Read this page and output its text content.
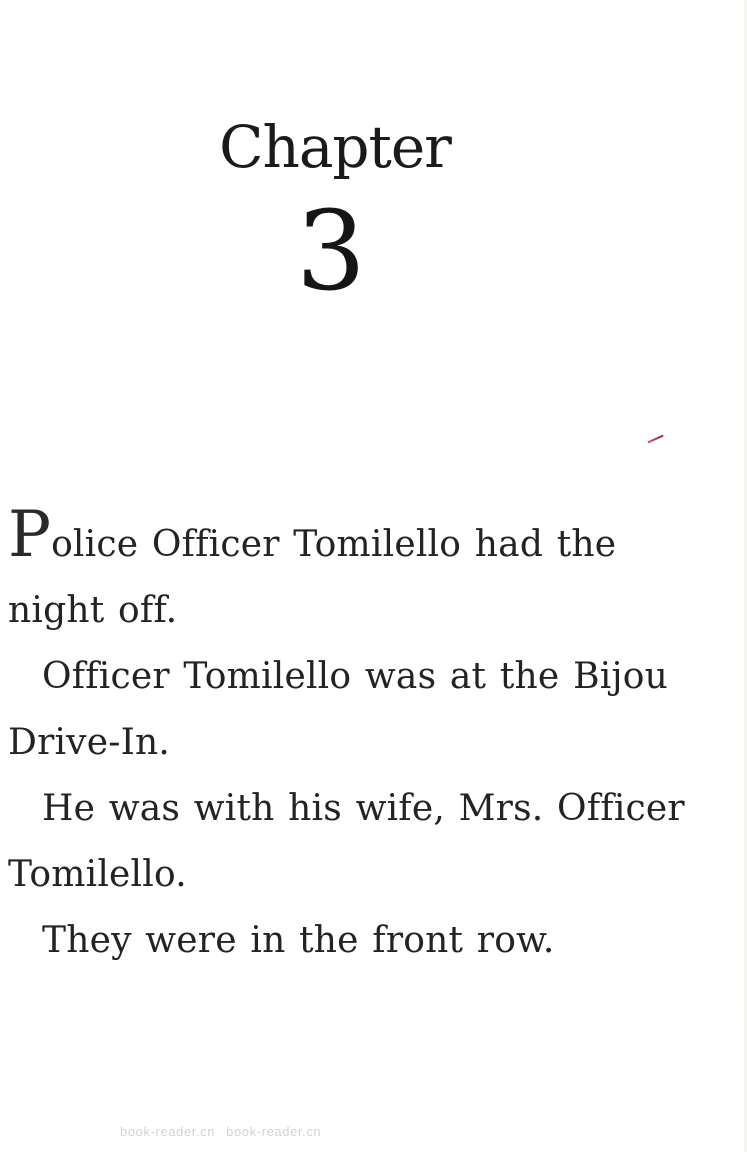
Chapter
3

Police Officer Tomilello had the

night off.

Officer Tomilello was at the Bijou

Drive-In.

He was with his wife, Mrs. Officer

Tomilello.

They were in the front row.

book-reader.cn book-reader.cn
